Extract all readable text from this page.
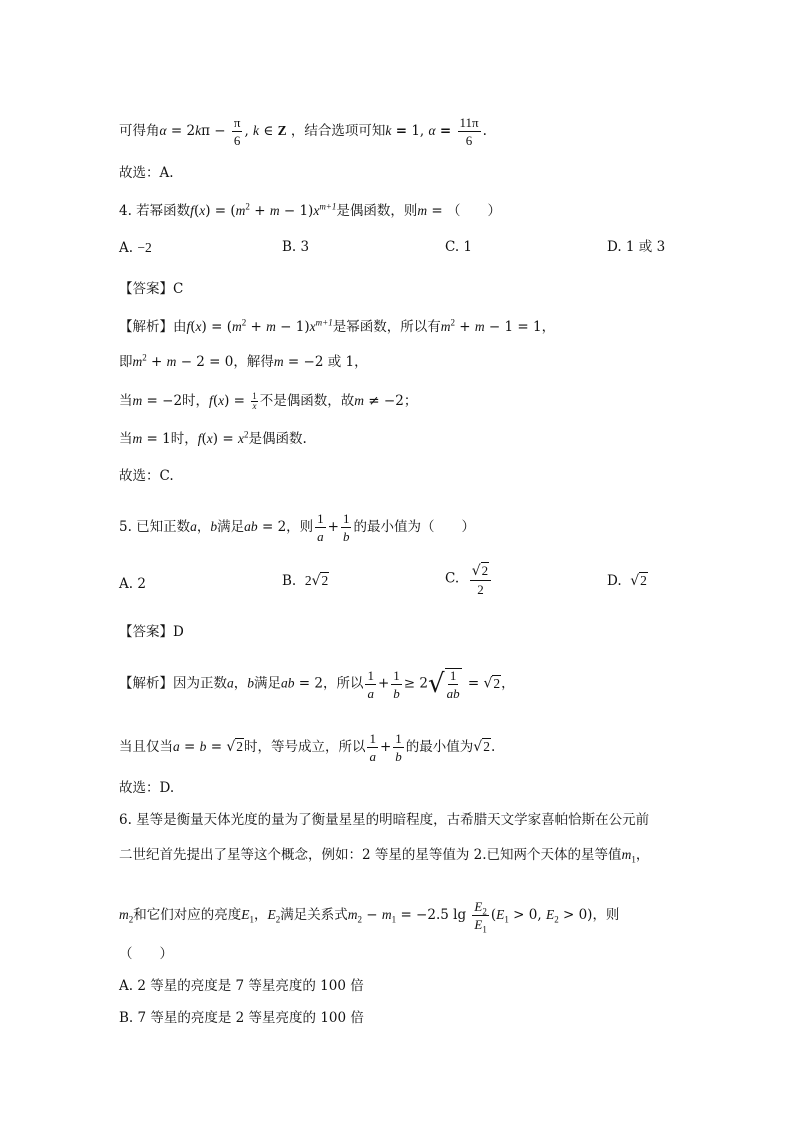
可得角$\alpha = 2k\pi - \frac{\pi}{6}$ , k ∈ Z ，结合选项可知k = 1, $\alpha = \frac{11\pi}{6}$ .
故选：A.
4. 若幂函数$f(x) = (m^2 + m - 1)x^{m+1}$是偶函数，则m = （　　）
A. −2	B. 3	C. 1	D. 1 或 3
【答案】C
【解析】由$f(x) = (m^2 + m - 1)x^{m+1}$是幂函数，所以有$m^2 + m - 1 = 1$，
即$m^2 + m - 2 = 0$，解得m = −2 或 1，
当m = −2时，$f(x) = \frac{1}{x}$ 不是偶函数，故m ≠ −2；
当m = 1时，$f(x) = x^2$是偶函数.
故选：C.
5. 已知正数a，b满足ab = 2，则 $\frac{1}{a} + \frac{1}{b}$ 的最小值为（　　）
A. 2	B. 2√2	C. $\frac{√2}{2}$	D. √2
【答案】D
【解析】因为正数a，b满足ab = 2，所以 $\frac{1}{a} + \frac{1}{b} \ge 2√ \frac{1}{ab} = √2$，
当且仅当a = b = √2时，等号成立，所以 $\frac{1}{a} + \frac{1}{b}$ 的最小值为√2.
故选：D.
6. 星等是衡量天体光度的量为了衡量星星的明暗程度，古希腊天文学家喜帕恰斯在公元前
二世纪首先提出了星等这个概念，例如：2 等星的星等值为 2.已知两个天体的星等值$m_1$，
$m_2$和它们对应的亮度$E_1$，$E_2$满足关系式$m_2 - m_1 = -2.5$ $\lg \frac{E_2}{E_1} (E_1 > 0$, $E_2 > 0$)，则
（　　）
A. 2 等星的亮度是 7 等星亮度的 100 倍
B. 7 等星的亮度是 2 等星亮度的 100 倍
